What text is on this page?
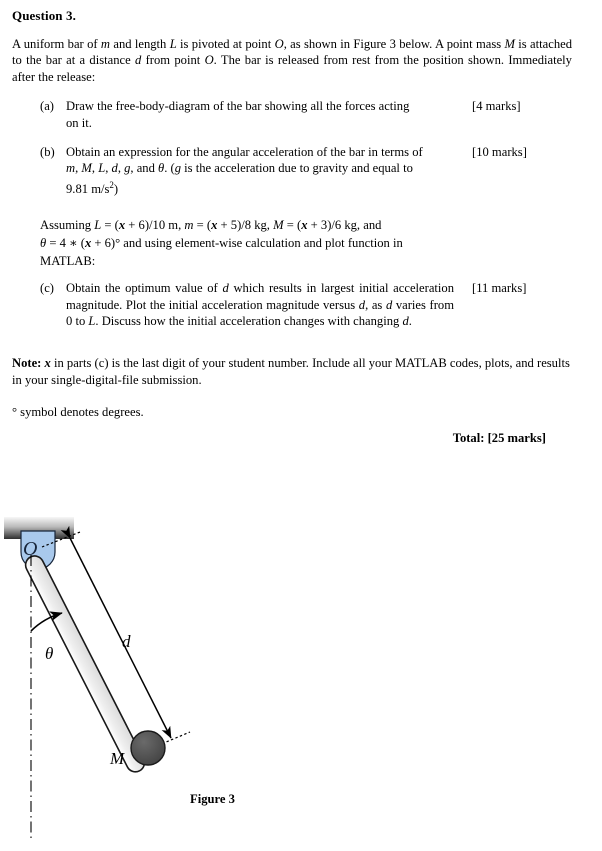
Question 3.

A uniform bar of m and length L is pivoted at point O, as shown in Figure 3 below. A point mass M is attached to the bar at a distance d from point O. The bar is released from rest from the position shown. Immediately after the release:

(a) Draw the free-body-diagram of the bar showing all the forces acting
on it.
[4 marks]
(b) Obtain an expression for the angular acceleration of the bar in terms of
m, M, L, d, g, and θ. (g is the acceleration due to gravity and equal to
9.81 $m/s^2$)
[10 marks]
Assuming L = (x + 6)/10 m, m = (x + 5)/8 kg, M = (x + 3)/6 kg, and
θ = 4 ∗ (x + 6)° and using element-wise calculation and plot function in
MATLAB:
(c) Obtain the optimum value of d which results in largest initial acceleration magnitude. Plot the initial acceleration magnitude versus d, as d varies from 0 to L. Discuss how the initial acceleration changes with changing d.
[11 marks]
Note: x in parts (c) is the last digit of your student number. Include all your MATLAB codes, plots, and results in your single-digital-file submission.
° symbol denotes degrees.
Total: [25 marks]
O
θ
d
M
Figure 3
